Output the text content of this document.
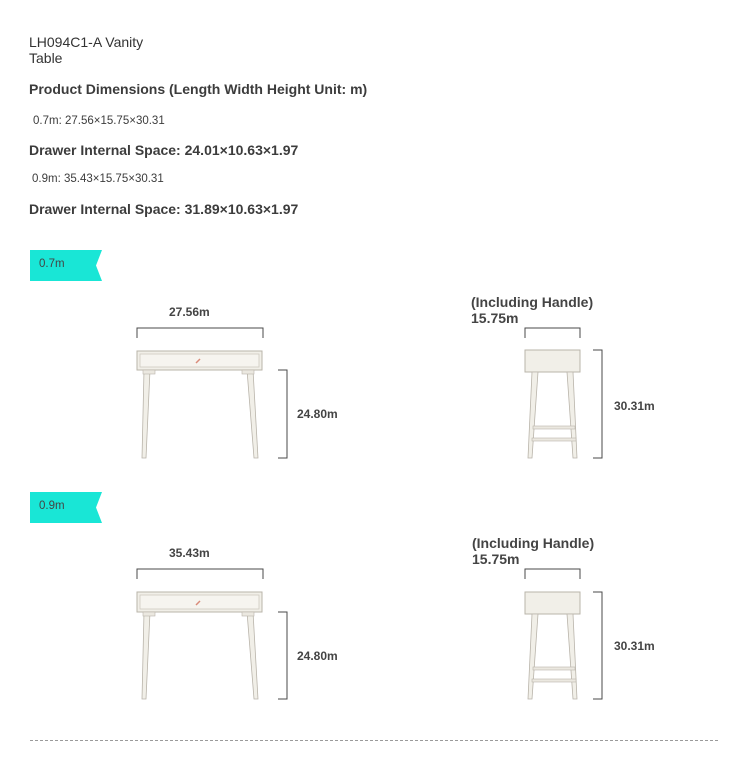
LH094C1-A Vanity
Table
Product Dimensions (Length Width Height Unit: m)
0.7m: 27.56×15.75×30.31
Drawer Internal Space: 24.01×10.63×1.97
0.9m: 35.43×15.75×30.31
Drawer Internal Space: 31.89×10.63×1.97
0.7m
27.56m
24.80m
(Including Handle)
15.75m
30.31m
0.9m
35.43m
24.80m
(Including Handle)
15.75m
30.31m
